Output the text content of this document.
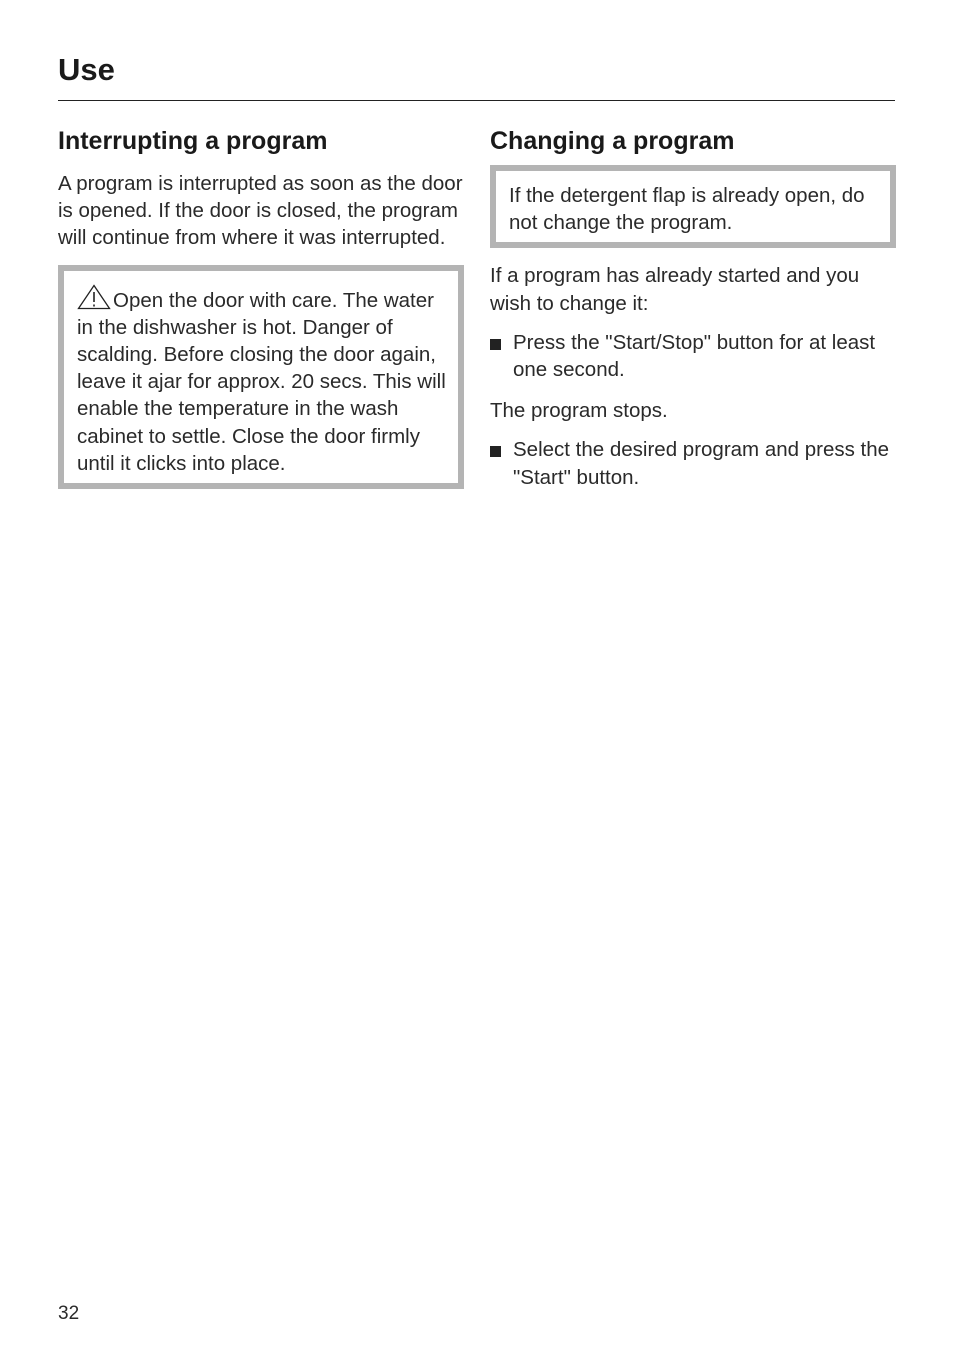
Use
Interrupting a program

A program is interrupted as soon as the door is opened. If the door is closed, the program will continue from where it was interrupted.

Open the door with care. The water in the dishwasher is hot. Danger of scalding. Before closing the door again, leave it ajar for approx. 20 secs. This will enable the temperature in the wash cabinet to settle. Close the door firmly until it clicks into place.

Changing a program

If the detergent flap is already open, do not change the program.

If a program has already started and you wish to change it:

Press the "Start/Stop" button for at least one second.

The program stops.

Select the desired program and press the "Start" button.
32
